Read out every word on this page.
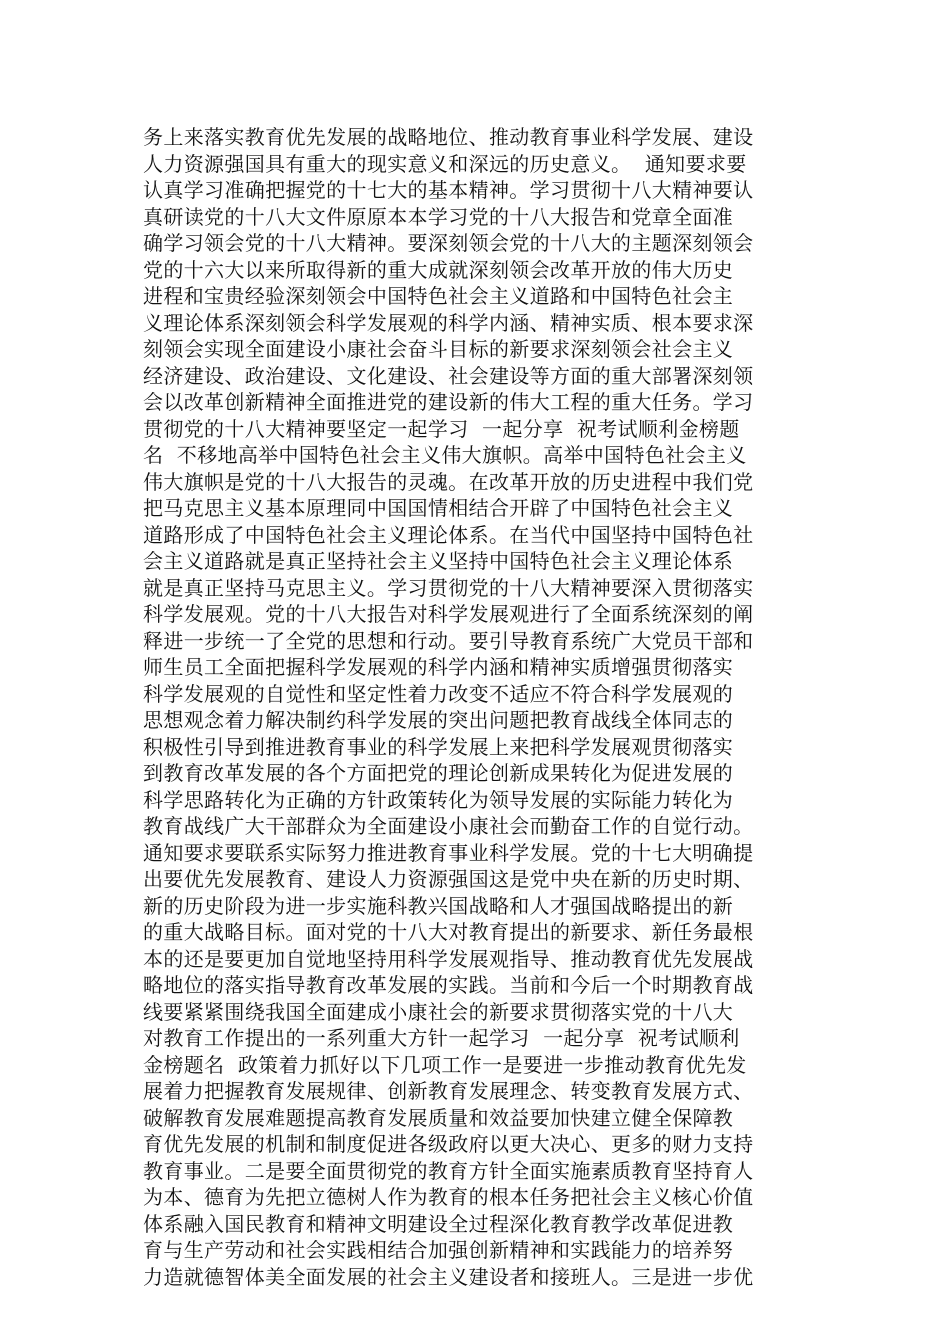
务上来落实教育优先发展的战略地位、推动教育事业科学发展、建设
人力资源强国具有重大的现实意义和深远的历史意义。  通知要求要
认真学习准确把握党的十七大的基本精神。学习贯彻十八大精神要认
真研读党的十八大文件原原本本学习党的十八大报告和党章全面准
确学习领会党的十八大精神。要深刻领会党的十八大的主题深刻领会
党的十六大以来所取得新的重大成就深刻领会改革开放的伟大历史
进程和宝贵经验深刻领会中国特色社会主义道路和中国特色社会主
义理论体系深刻领会科学发展观的科学内涵、精神实质、根本要求深
刻领会实现全面建设小康社会奋斗目标的新要求深刻领会社会主义
经济建设、政治建设、文化建设、社会建设等方面的重大部署深刻领
会以改革创新精神全面推进党的建设新的伟大工程的重大任务。学习
贯彻党的十八大精神要坚定一起学习  一起分享  祝考试顺利金榜题
名  不移地高举中国特色社会主义伟大旗帜。高举中国特色社会主义
伟大旗帜是党的十八大报告的灵魂。在改革开放的历史进程中我们党
把马克思主义基本原理同中国国情相结合开辟了中国特色社会主义
道路形成了中国特色社会主义理论体系。在当代中国坚持中国特色社
会主义道路就是真正坚持社会主义坚持中国特色社会主义理论体系
就是真正坚持马克思主义。学习贯彻党的十八大精神要深入贯彻落实
科学发展观。党的十八大报告对科学发展观进行了全面系统深刻的阐
释进一步统一了全党的思想和行动。要引导教育系统广大党员干部和
师生员工全面把握科学发展观的科学内涵和精神实质增强贯彻落实
科学发展观的自觉性和坚定性着力改变不适应不符合科学发展观的
思想观念着力解决制约科学发展的突出问题把教育战线全体同志的
积极性引导到推进教育事业的科学发展上来把科学发展观贯彻落实
到教育改革发展的各个方面把党的理论创新成果转化为促进发展的
科学思路转化为正确的方针政策转化为领导发展的实际能力转化为
教育战线广大干部群众为全面建设小康社会而勤奋工作的自觉行动。
通知要求要联系实际努力推进教育事业科学发展。党的十七大明确提
出要优先发展教育、建设人力资源强国这是党中央在新的历史时期、
新的历史阶段为进一步实施科教兴国战略和人才强国战略提出的新
的重大战略目标。面对党的十八大对教育提出的新要求、新任务最根
本的还是要更加自觉地坚持用科学发展观指导、推动教育优先发展战
略地位的落实指导教育改革发展的实践。当前和今后一个时期教育战
线要紧紧围绕我国全面建成小康社会的新要求贯彻落实党的十八大
对教育工作提出的一系列重大方针一起学习  一起分享  祝考试顺利
金榜题名  政策着力抓好以下几项工作一是要进一步推动教育优先发
展着力把握教育发展规律、创新教育发展理念、转变教育发展方式、
破解教育发展难题提高教育发展质量和效益要加快建立健全保障教
育优先发展的机制和制度促进各级政府以更大决心、更多的财力支持
教育事业。二是要全面贯彻党的教育方针全面实施素质教育坚持育人
为本、德育为先把立德树人作为教育的根本任务把社会主义核心价值
体系融入国民教育和精神文明建设全过程深化教育教学改革促进教
育与生产劳动和社会实践相结合加强创新精神和实践能力的培养努
力造就德智体美全面发展的社会主义建设者和接班人。三是进一步优
